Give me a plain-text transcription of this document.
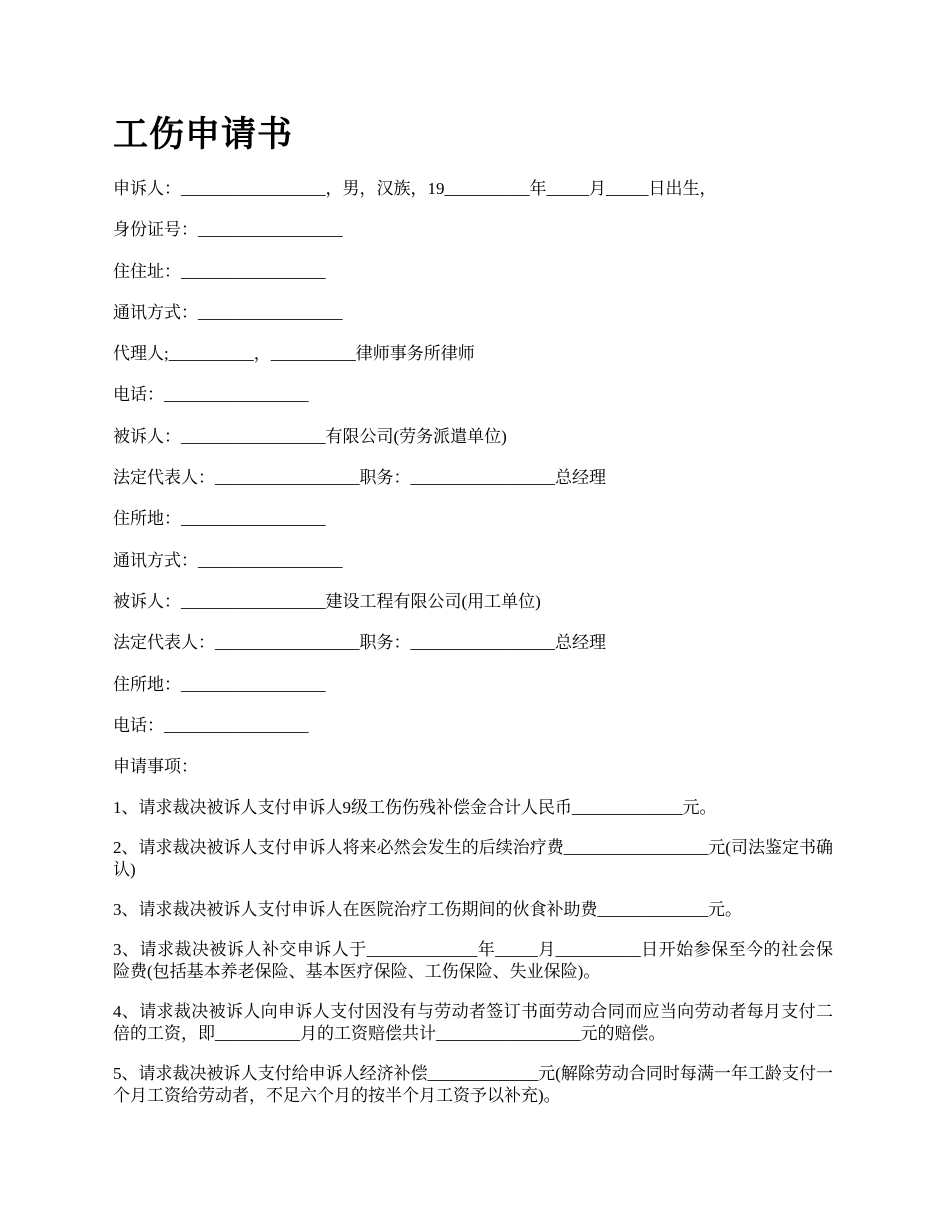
工伤申请书
申诉人：_________________，男，汉族，19__________年_____月_____日出生，
身份证号：_________________
住住址：_________________
通讯方式：_________________
代理人;__________，__________律师事务所律师
电话：_________________
被诉人：_________________有限公司(劳务派遣单位)
法定代表人：_________________职务：_________________总经理
住所地：_________________
通讯方式：_________________
被诉人：_________________建设工程有限公司(用工单位)
法定代表人：_________________职务：_________________总经理
住所地：_________________
电话：_________________
申请事项：
1、请求裁决被诉人支付申诉人9级工伤伤残补偿金合计人民币_____________元。
2、请求裁决被诉人支付申诉人将来必然会发生的后续治疗费_________________元(司法鉴定书确认)
3、请求裁决被诉人支付申诉人在医院治疗工伤期间的伙食补助费_____________元。
3、请求裁决被诉人补交申诉人于_____________年_____月__________日开始参保至今的社会保险费(包括基本养老保险、基本医疗保险、工伤保险、失业保险)。
4、请求裁决被诉人向申诉人支付因没有与劳动者签订书面劳动合同而应当向劳动者每月支付二倍的工资，即__________月的工资赔偿共计_________________元的赔偿。
5、请求裁决被诉人支付给申诉人经济补偿_____________元(解除劳动合同时每满一年工龄支付一个月工资给劳动者，不足六个月的按半个月工资予以补充)。
